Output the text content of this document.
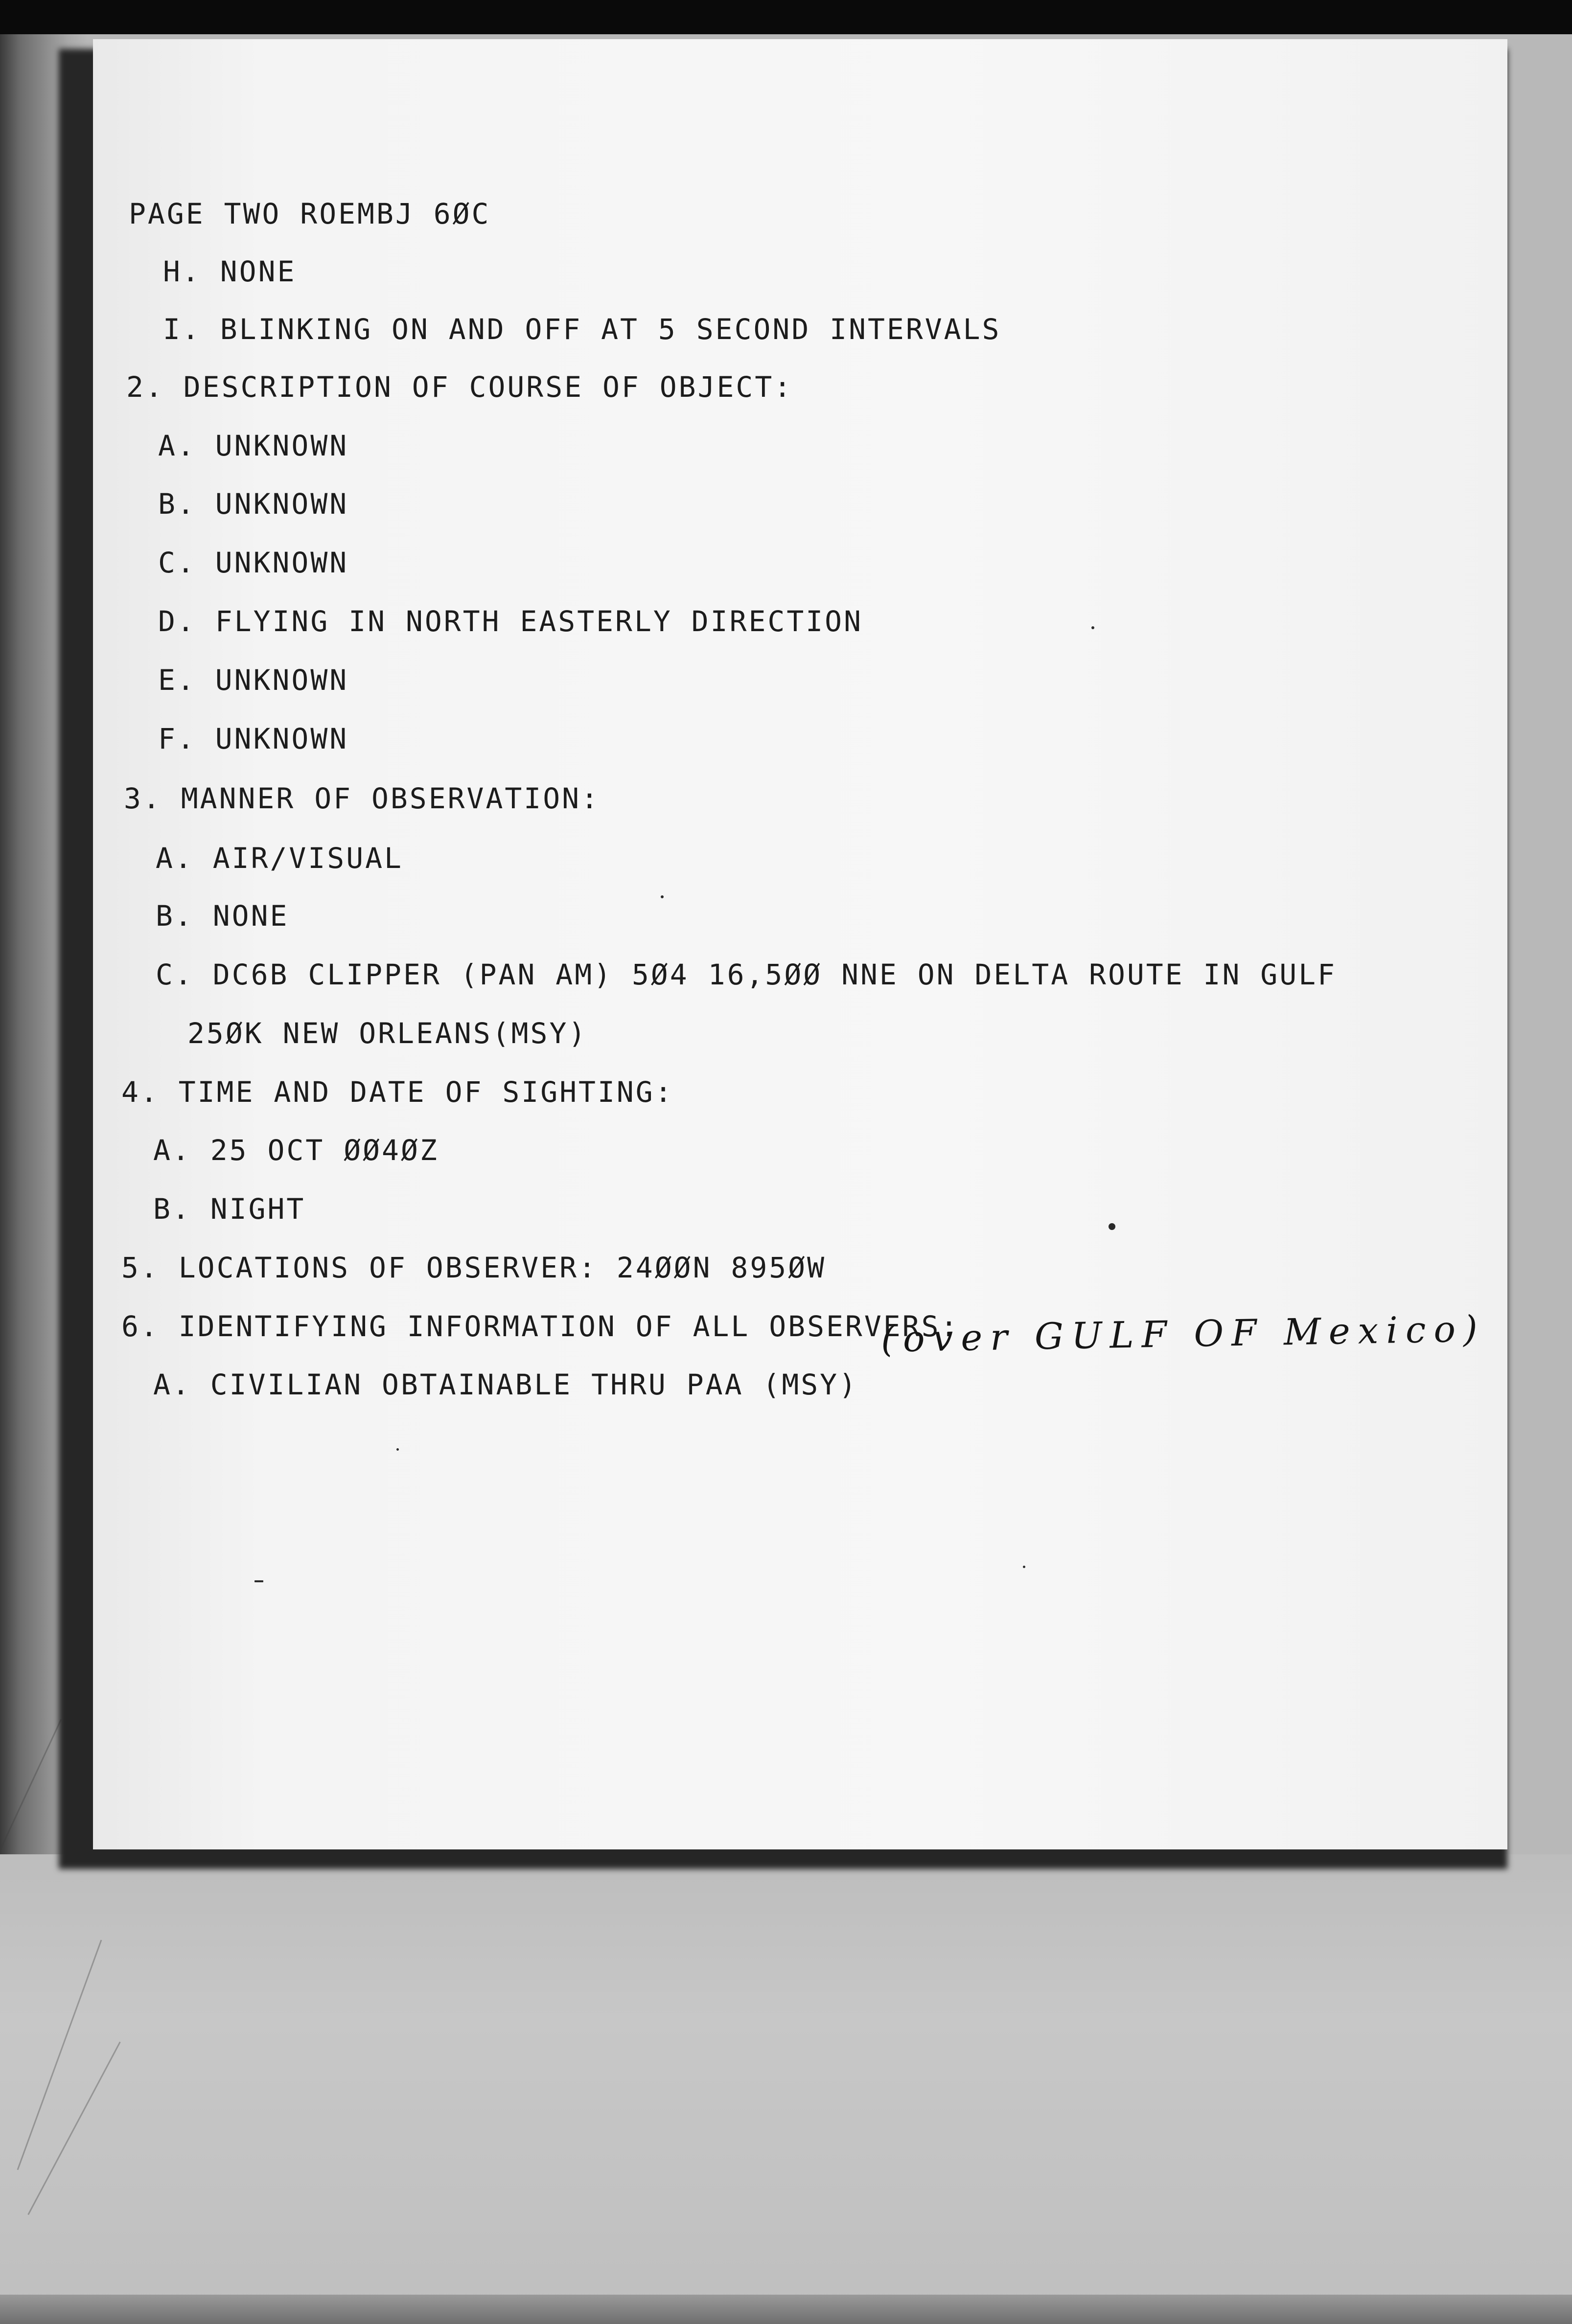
PAGE TWO ROEMBJ 6ØC

H. NONE

I. BLINKING ON AND OFF AT 5 SECOND INTERVALS

2. DESCRIPTION OF COURSE OF OBJECT:

A. UNKNOWN

B. UNKNOWN

C. UNKNOWN

D. FLYING IN NORTH EASTERLY DIRECTION

E. UNKNOWN

F. UNKNOWN

3. MANNER OF OBSERVATION:

A. AIR/VISUAL

B. NONE

C. DC6B CLIPPER (PAN AM) 5Ø4 16,5ØØ NNE ON DELTA ROUTE IN GULF

25ØK NEW ORLEANS(MSY)

4. TIME AND DATE OF SIGHTING:

A. 25 OCT ØØ4ØZ

B. NIGHT

5. LOCATIONS OF OBSERVER: 24ØØN 895ØW

6. IDENTIFYING INFORMATION OF ALL OBSERVERS:

A. CIVILIAN OBTAINABLE THRU PAA (MSY)

(over GULF OF Mexico)
